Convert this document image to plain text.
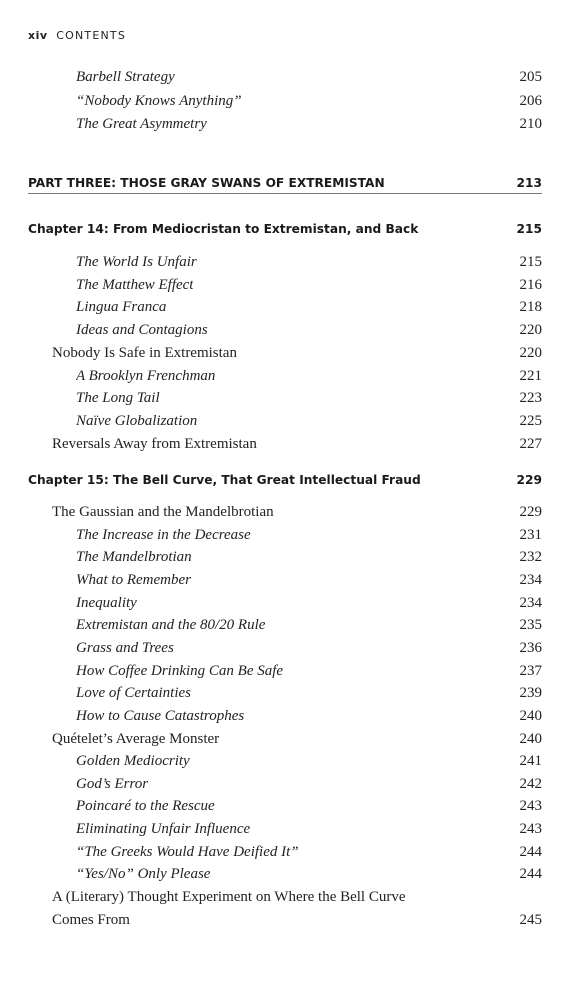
xiv CONTENTS
Barbell Strategy	205
“Nobody Knows Anything”	206
The Great Asymmetry	210
PART THREE: THOSE GRAY SWANS OF EXTREMISTAN	213
Chapter 14: From Mediocristan to Extremistan, and Back	215
The World Is Unfair	215
The Matthew Effect	216
Lingua Franca	218
Ideas and Contagions	220
Nobody Is Safe in Extremistan	220
A Brooklyn Frenchman	221
The Long Tail	223
Naïve Globalization	225
Reversals Away from Extremistan	227
Chapter 15: The Bell Curve, That Great Intellectual Fraud	229
The Gaussian and the Mandelbrotian	229
The Increase in the Decrease	231
The Mandelbrotian	232
What to Remember	234
Inequality	234
Extremistan and the 80/20 Rule	235
Grass and Trees	236
How Coffee Drinking Can Be Safe	237
Love of Certainties	239
How to Cause Catastrophes	240
Quételet’s Average Monster	240
Golden Mediocrity	241
God’s Error	242
Poincaré to the Rescue	243
Eliminating Unfair Influence	243
“The Greeks Would Have Deified It”	244
“Yes/No” Only Please	244
A (Literary) Thought Experiment on Where the Bell Curve
Comes From	245
